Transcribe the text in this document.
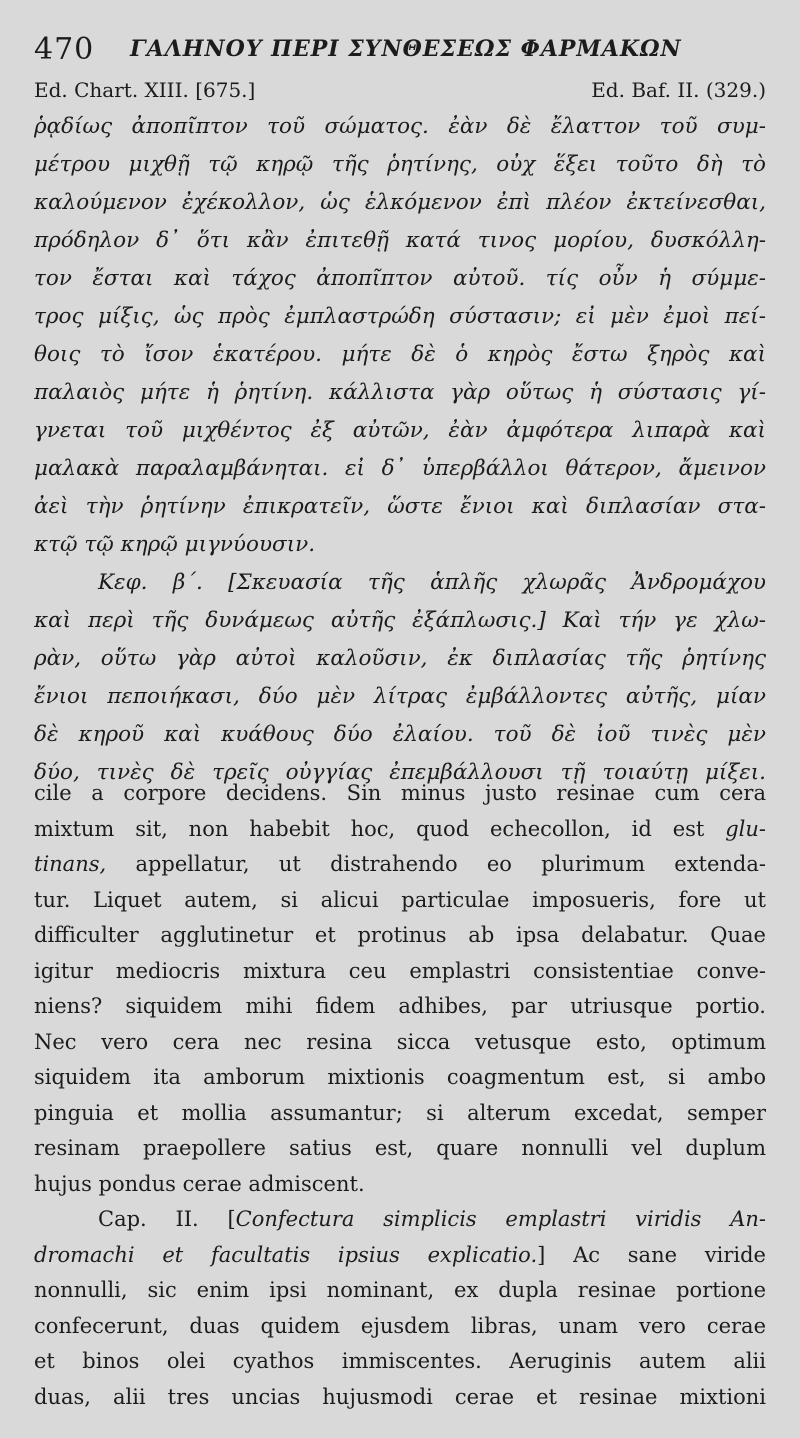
470 ΓΑΛΗΝΟΥ ΠΕΡΙ ΣΥΝΘΕΣΕΩΣ ΦΑΡΜΑΚΩΝ
Ed. Chart. XIII. [675.]	Ed. Baf. II. (329.)
ῥᾳδίως ἀποπῖπτον τοῦ σώματος. ἐὰν δὲ ἔλαττον τοῦ συμ-
μέτρου μιχθῇ τῷ κηρῷ τῆς ῥητίνης, οὐχ ἕξει τοῦτο δὴ τὸ
καλούμενον ἐχέκολλον, ὡς ἑλκόμενον ἐπὶ πλέον ἐκτείνεσθαι,
πρόδηλον δ᾽ ὅτι κἂν ἐπιτεθῇ κατά τινος μορίου, δυσκόλλη-
τον ἔσται καὶ τάχος ἀποπῖπτον αὐτοῦ. τίς οὖν ἡ σύμμε-
τρος μίξις, ὡς πρὸς ἐμπλαστρώδη σύστασιν; εἰ μὲν ἐμοὶ πεί-
θοις τὸ ἴσον ἑκατέρου. μήτε δὲ ὁ κηρὸς ἔστω ξηρὸς καὶ
παλαιὸς μήτε ἡ ῥητίνη. κάλλιστα γὰρ οὕτως ἡ σύστασις γί-
γνεται τοῦ μιχθέντος ἐξ αὐτῶν, ἐὰν ἀμφότερα λιπαρὰ καὶ
μαλακὰ παραλαμβάνηται. εἰ δ᾽ ὑπερβάλλοι θάτερον, ἄμεινον
ἀεὶ τὴν ῥητίνην ἐπικρατεῖν, ὥστε ἔνιοι καὶ διπλασίαν στα-
κτῷ τῷ κηρῷ μιγνύουσιν.
Κεφ. β΄. [Σκευασία τῆς ἁπλῆς χλωρᾶς Ἀνδρομάχου
καὶ περὶ τῆς δυνάμεως αὐτῆς ἐξάπλωσις.] Καὶ τήν γε χλω-
ρὰν, οὕτω γὰρ αὐτοὶ καλοῦσιν, ἐκ διπλασίας τῆς ῥητίνης
ἔνιοι πεποιήκασι, δύο μὲν λίτρας ἐμβάλλοντες αὐτῆς, μίαν
δὲ κηροῦ καὶ κυάθους δύο ἐλαίου. τοῦ δὲ ἰοῦ τινὲς μὲν
δύο, τινὲς δὲ τρεῖς οὐγγίας ἐπεμβάλλουσι τῇ τοιαύτῃ μίξει.
cile a corpore decidens. Sin minus justo resinae cum cera
mixtum sit, non habebit hoc, quod echecollon, id est glu-
tinans, appellatur, ut distrahendo eo plurimum extenda-
tur. Liquet autem, si alicui particulae imposueris, fore ut
difficulter agglutinetur et protinus ab ipsa delabatur. Quae
igitur mediocris mixtura ceu emplastri consistentiae conve-
niens? siquidem mihi fidem adhibes, par utriusque portio.
Nec vero cera nec resina sicca vetusque esto, optimum
siquidem ita amborum mixtionis coagmentum est, si ambo
pinguia et mollia assumantur; si alterum excedat, semper
resinam praepollere satius est, quare nonnulli vel duplum
hujus pondus cerae admiscent.
Cap. II. [Confectura simplicis emplastri viridis An-
dromachi et facultatis ipsius explicatio.] Ac sane viride
nonnulli, sic enim ipsi nominant, ex dupla resinae portione
confecerunt, duas quidem ejusdem libras, unam vero cerae
et binos olei cyathos immiscentes. Aeruginis autem alii
duas, alii tres uncias hujusmodi cerae et resinae mixtioni
